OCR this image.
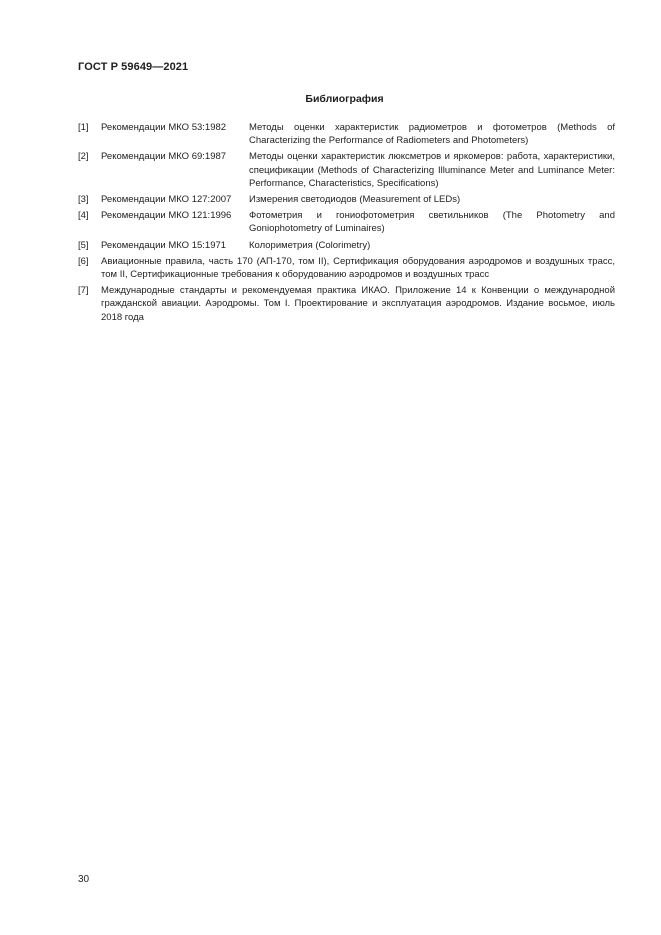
ГОСТ Р 59649—2021
Библиография
[1]	Рекомендации МКО 53:1982	Методы оценки характеристик радиометров и фотометров (Methods of Characterizing the Performance of Radiometers and Photometers)
[2]	Рекомендации МКО 69:1987	Методы оценки характеристик люксметров и яркомеров: работа, характеристики, спецификации (Methods of Characterizing Illuminance Meter and Luminance Meter: Performance, Characteristics, Specifications)
[3]	Рекомендации МКО 127:2007	Измерения светодиодов (Measurement of LEDs)
[4]	Рекомендации МКО 121:1996	Фотометрия и гониофотометрия светильников (The Photometry and Goniophotometry of Luminaires)
[5]	Рекомендации МКО 15:1971	Колориметрия (Colorimetry)
[6]	Авиационные правила, часть 170 (АП-170, том II), Сертификация оборудования аэродромов и воздушных трасс, том II, Сертификационные требования к оборудованию аэродромов и воздушных трасс
[7]	Международные стандарты и рекомендуемая практика ИКАО. Приложение 14 к Конвенции о международной гражданской авиации. Аэродромы. Том I. Проектирование и эксплуатация аэродромов. Издание восьмое, июль 2018 года
30
